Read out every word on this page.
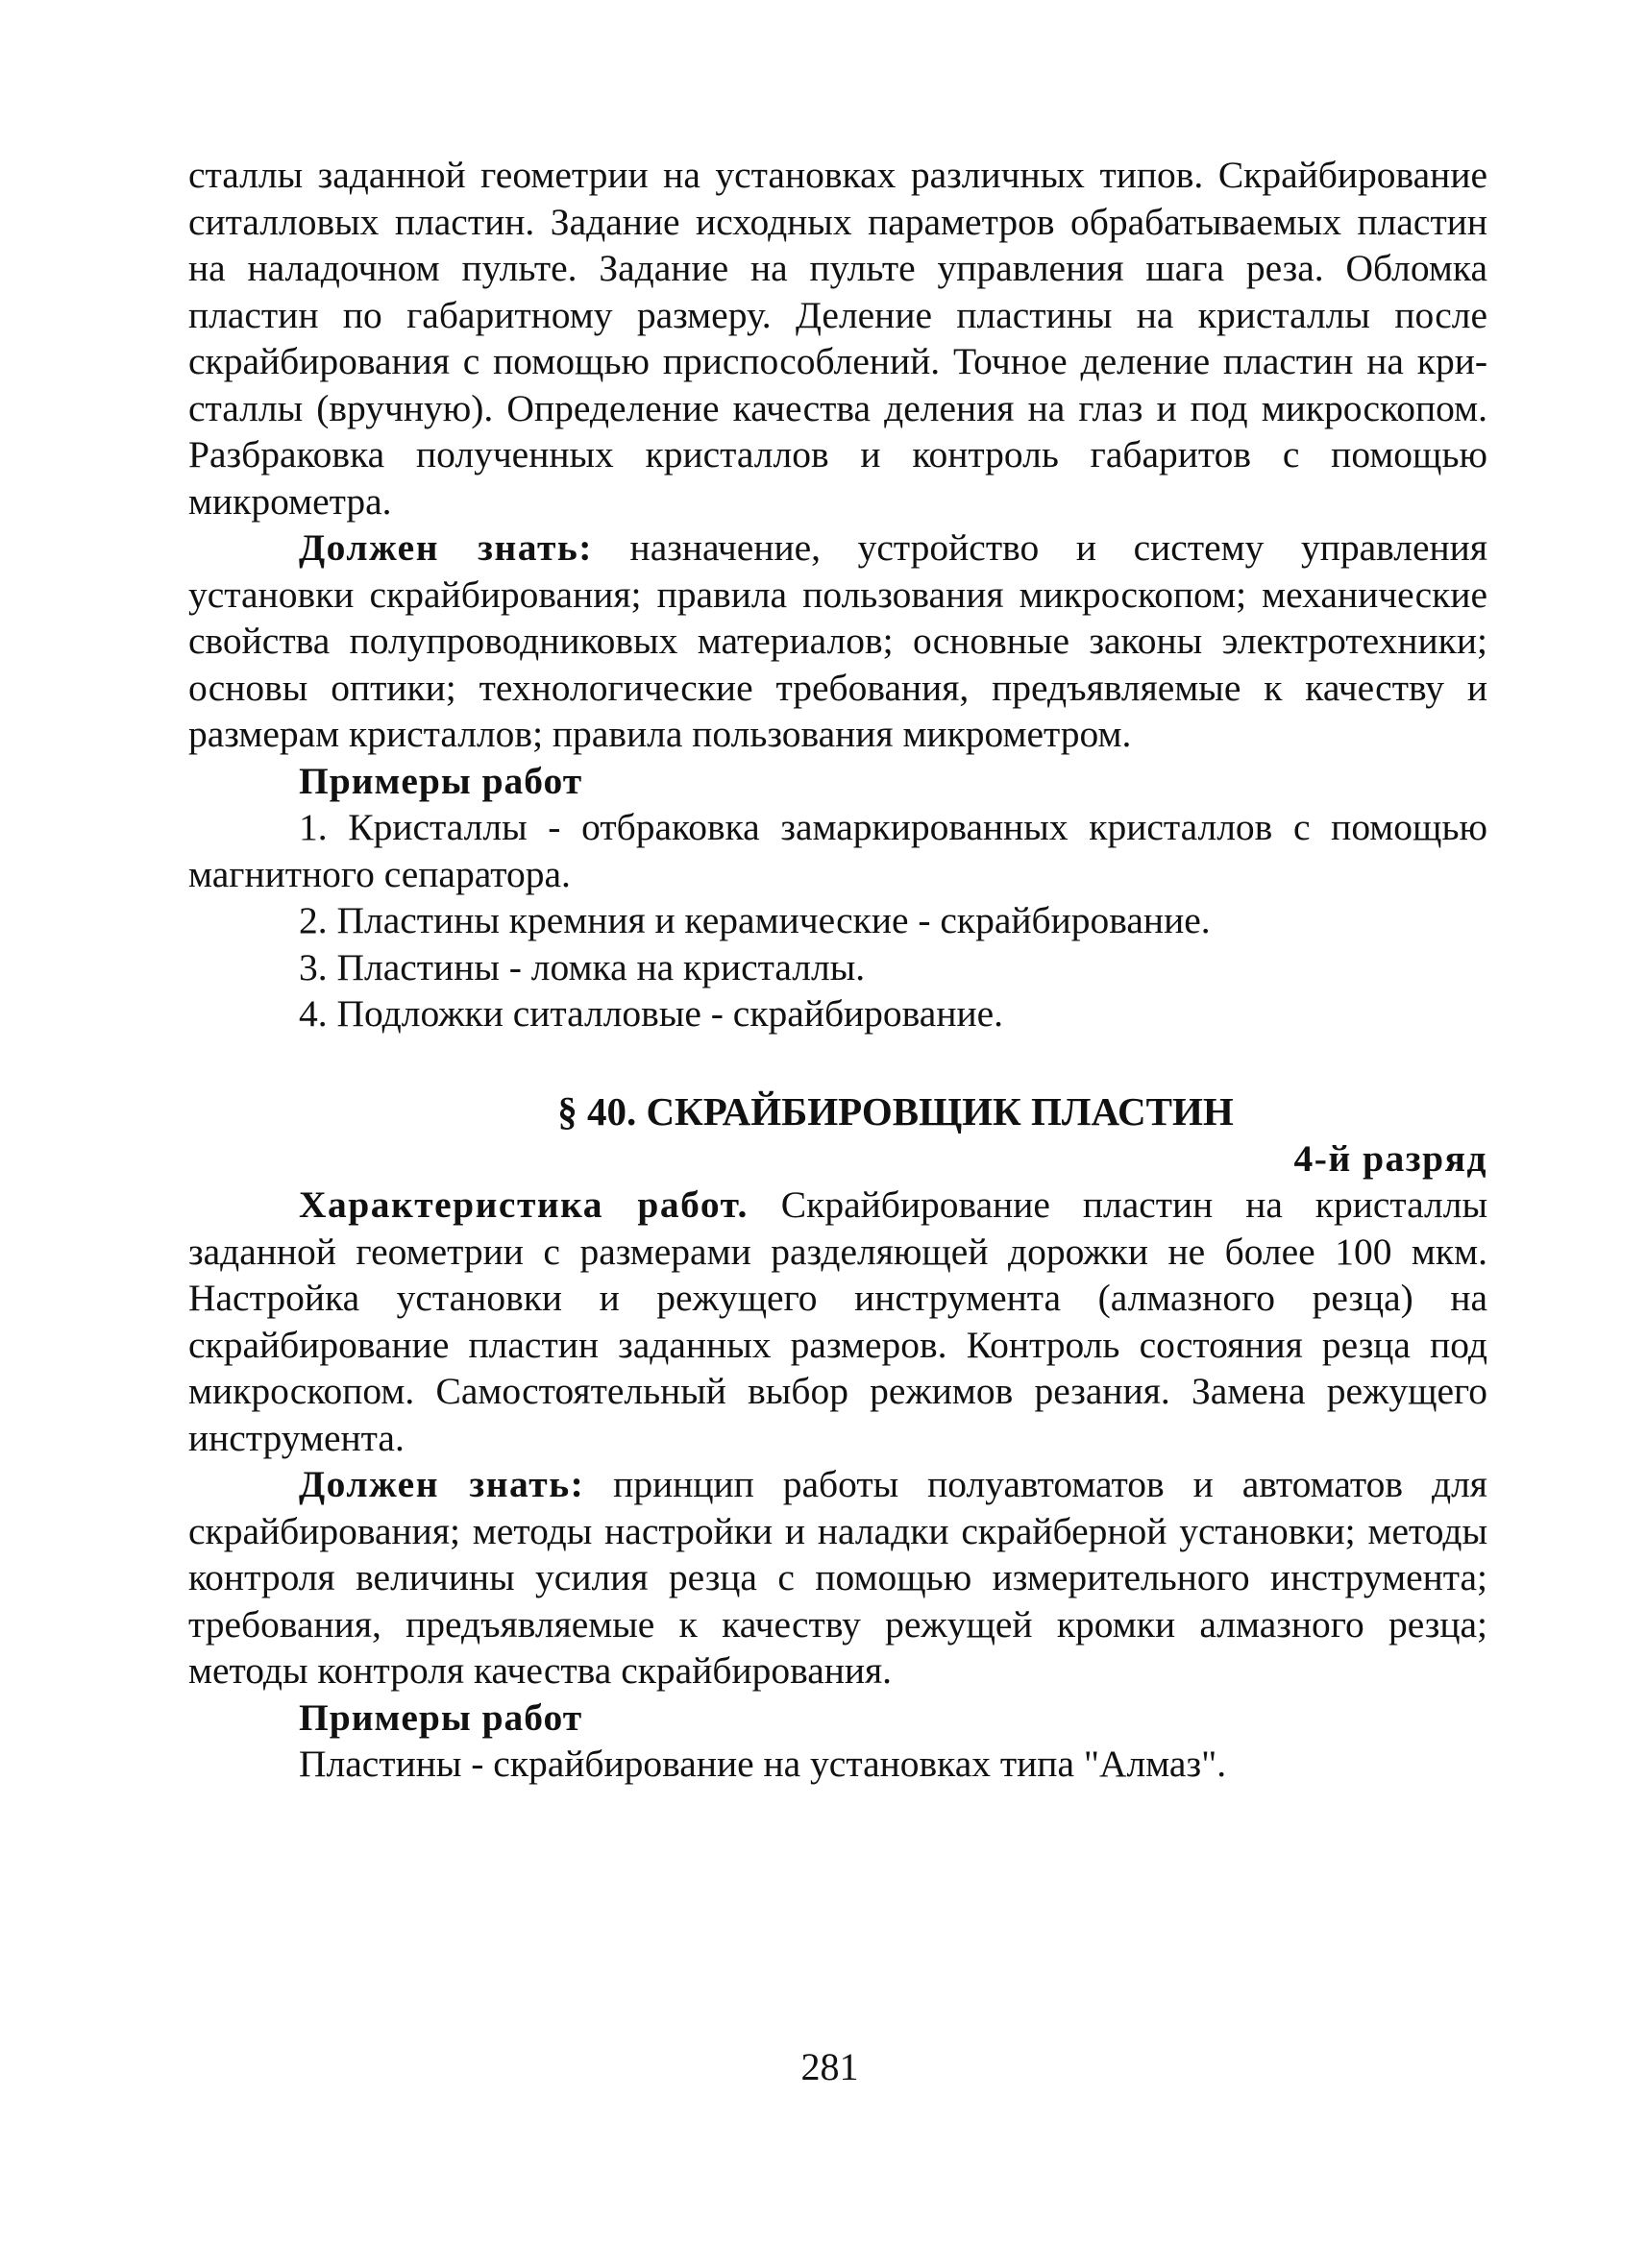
сталлы заданной геометрии на установках различных типов. Скрайбирование ситалловых пластин. Задание исходных параметров обрабатываемых пластин на наладочном пульте. Задание на пульте управления шага реза. Обломка пластин по габаритному размеру. Деление пластины на кристаллы после скрайбирования с помощью приспособлений. Точное деление пластин на кристаллы (вручную). Определение качества деления на глаз и под микроскопом. Разбраковка полученных кристаллов и контроль габаритов с помощью микрометра.

Должен знать: назначение, устройство и систему управления установки скрайбирования; правила пользования микроскопом; механические свойства полупроводниковых материалов; основные законы электротехники; основы оптики; технологические требования, предъявляемые к качеству и размерам кристаллов; правила пользования микрометром.

Примеры работ

1. Кристаллы - отбраковка замаркированных кристаллов с помощью магнитного сепаратора.

2. Пластины кремния и керамические - скрайбирование.

3. Пластины - ломка на кристаллы.

4. Подложки ситалловые - скрайбирование.

§ 40. СКРАЙБИРОВЩИК ПЛАСТИН

4-й разряд

Характеристика работ. Скрайбирование пластин на кристаллы заданной геометрии с размерами разделяющей дорожки не более 100 мкм. Настройка установки и режущего инструмента (алмазного резца) на скрайбирование пластин заданных размеров. Контроль состояния резца под микроскопом. Самостоятельный выбор режимов резания. Замена режущего инструмента.

Должен знать: принцип работы полуавтоматов и автоматов для скрайбирования; методы настройки и наладки скрайберной установки; методы контроля величины усилия резца с помощью измерительного инструмента; требования, предъявляемые к качеству режущей кромки алмазного резца; методы контроля качества скрайбирования.

Примеры работ

Пластины - скрайбирование на установках типа "Алмаз".

281
